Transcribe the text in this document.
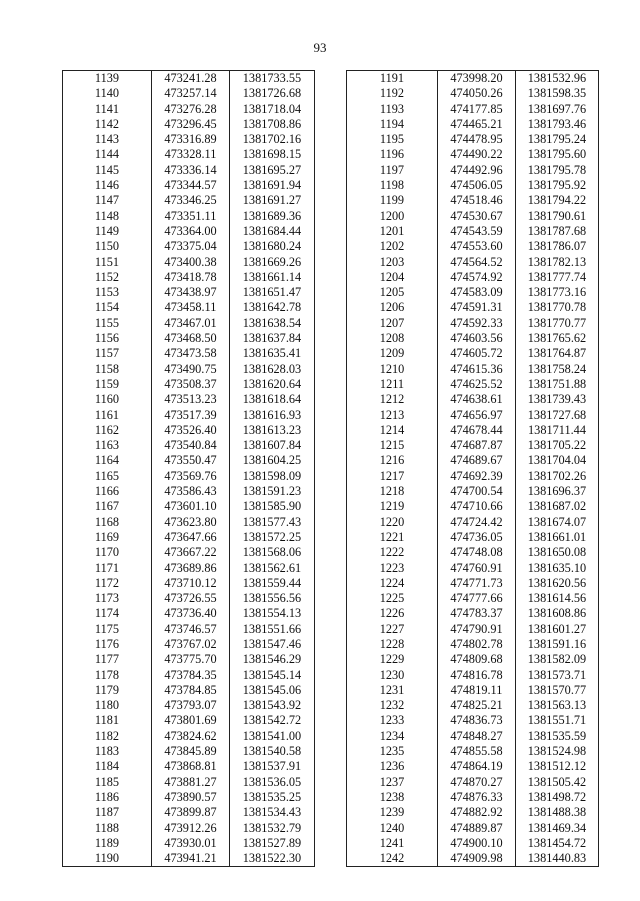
93
1139	473241.28	1381733.55
1140	473257.14	1381726.68
1141	473276.28	1381718.04
1142	473296.45	1381708.86
1143	473316.89	1381702.16
1144	473328.11	1381698.15
1145	473336.14	1381695.27
1146	473344.57	1381691.94
1147	473346.25	1381691.27
1148	473351.11	1381689.36
1149	473364.00	1381684.44
1150	473375.04	1381680.24
1151	473400.38	1381669.26
1152	473418.78	1381661.14
1153	473438.97	1381651.47
1154	473458.11	1381642.78
1155	473467.01	1381638.54
1156	473468.50	1381637.84
1157	473473.58	1381635.41
1158	473490.75	1381628.03
1159	473508.37	1381620.64
1160	473513.23	1381618.64
1161	473517.39	1381616.93
1162	473526.40	1381613.23
1163	473540.84	1381607.84
1164	473550.47	1381604.25
1165	473569.76	1381598.09
1166	473586.43	1381591.23
1167	473601.10	1381585.90
1168	473623.80	1381577.43
1169	473647.66	1381572.25
1170	473667.22	1381568.06
1171	473689.86	1381562.61
1172	473710.12	1381559.44
1173	473726.55	1381556.56
1174	473736.40	1381554.13
1175	473746.57	1381551.66
1176	473767.02	1381547.46
1177	473775.70	1381546.29
1178	473784.35	1381545.14
1179	473784.85	1381545.06
1180	473793.07	1381543.92
1181	473801.69	1381542.72
1182	473824.62	1381541.00
1183	473845.89	1381540.58
1184	473868.81	1381537.91
1185	473881.27	1381536.05
1186	473890.57	1381535.25
1187	473899.87	1381534.43
1188	473912.26	1381532.79
1189	473930.01	1381527.89
1190	473941.21	1381522.30
1191	473998.20	1381532.96
1192	474050.26	1381598.35
1193	474177.85	1381697.76
1194	474465.21	1381793.46
1195	474478.95	1381795.24
1196	474490.22	1381795.60
1197	474492.96	1381795.78
1198	474506.05	1381795.92
1199	474518.46	1381794.22
1200	474530.67	1381790.61
1201	474543.59	1381787.68
1202	474553.60	1381786.07
1203	474564.52	1381782.13
1204	474574.92	1381777.74
1205	474583.09	1381773.16
1206	474591.31	1381770.78
1207	474592.33	1381770.77
1208	474603.56	1381765.62
1209	474605.72	1381764.87
1210	474615.36	1381758.24
1211	474625.52	1381751.88
1212	474638.61	1381739.43
1213	474656.97	1381727.68
1214	474678.44	1381711.44
1215	474687.87	1381705.22
1216	474689.67	1381704.04
1217	474692.39	1381702.26
1218	474700.54	1381696.37
1219	474710.66	1381687.02
1220	474724.42	1381674.07
1221	474736.05	1381661.01
1222	474748.08	1381650.08
1223	474760.91	1381635.10
1224	474771.73	1381620.56
1225	474777.66	1381614.56
1226	474783.37	1381608.86
1227	474790.91	1381601.27
1228	474802.78	1381591.16
1229	474809.68	1381582.09
1230	474816.78	1381573.71
1231	474819.11	1381570.77
1232	474825.21	1381563.13
1233	474836.73	1381551.71
1234	474848.27	1381535.59
1235	474855.58	1381524.98
1236	474864.19	1381512.12
1237	474870.27	1381505.42
1238	474876.33	1381498.72
1239	474882.92	1381488.38
1240	474889.87	1381469.34
1241	474900.10	1381454.72
1242	474909.98	1381440.83
